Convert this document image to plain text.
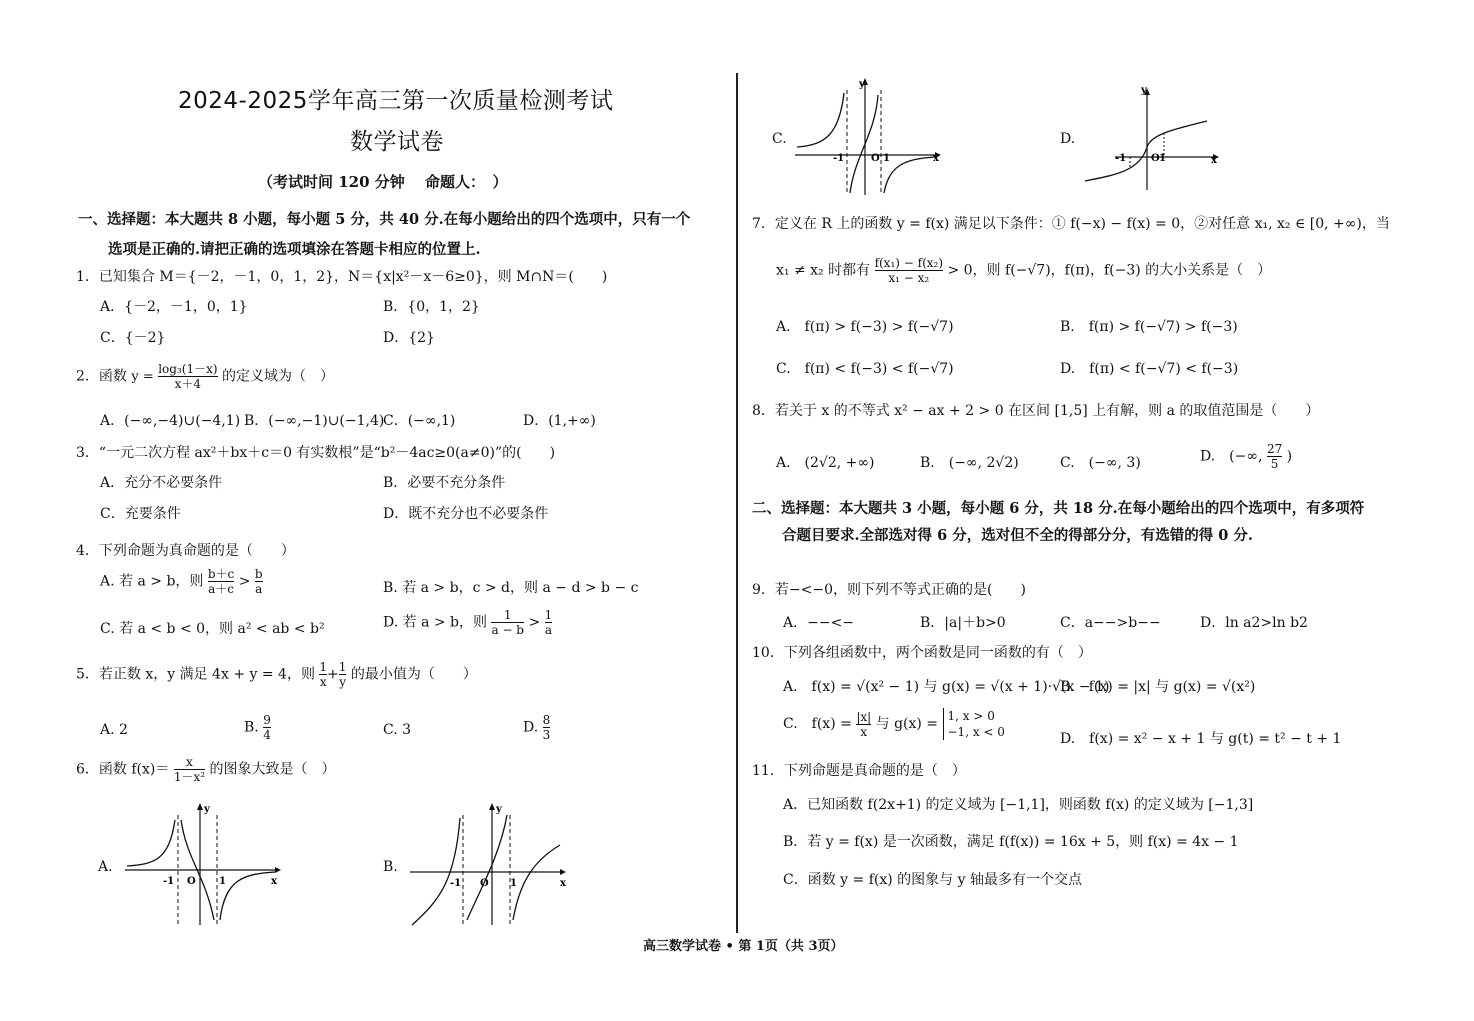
2024-2025学年高三第一次质量检测考试
数学试卷
（考试时间 120 分钟　 命题人：　）
一、选择题：本大题共 8 小题，每小题 5 分，共 40 分.在每小题给出的四个选项中，只有一个
选项是正确的.请把正确的选项填涂在答题卡相应的位置上.
1．已知集合 M＝{－2，－1，0，1，2}，N＝{x|x²－x－6≥0}，则 M∩N＝(　　)
A．{－2，－1，0，1}	B．{0，1，2}
C．{－2}	D．{2}
2．函数 $y = \frac{\text{log₃(1－x)}}{x+4}$ 的定义域为（　）
A．(−∞,−4)∪(−4,1) B．(−∞,−1)∪(−1,4)
C．(−∞,1)	D．(1,+∞)
3．“一元二次方程 ax²＋bx＋c＝0 有实数根”是“b²－4ac≥0(a≠0)”的(　　)
A．充分不必要条件	B．必要不充分条件
C．充要条件	D．既不充分也不必要条件
4．下列命题为真命题的是（　　）
A. 若 a > b，则 $\frac{b+c}{a+c} > \frac{b}{a}$	B. 若 a > b，c > d，则 a − d > b − c
C. 若 a < b < 0，则 a² < ab < b²	D. 若 a > b，则 $\frac{1}{a - b} > \frac{1}{a}$
5．若正数 x，y 满足 4x + y = 4，则 $\frac{1}{x} + \frac{1}{y}$ 的最小值为（　　）
A. 2	B. $\frac{9}{4}$	C. 3	D. $\frac{8}{3}$
6．函数 $f(x)= \frac{x}{\text{1－x²}}$ 的图象大致是（　）
A.
-1 O 1	x
y
B.
-1 O 1	x
y
C.
-1	O 1	x
y
D.
-1 O 1	x
y
7．定义在 R 上的函数 y = f(x) 满足以下条件：① f(−x) − f(x) = 0，②对任意 x₁, x₂ ∈ [0, +∞)，当
x₁ ≠ x₂ 时都有 $\frac{\text{f(x₁) − f(x₂)}}{\text{x₁ − x₂}} > 0$，则 f(−√7)，f(π)，f(−3) 的大小关系是（　）
A.　f(π) > f(−3) > f(−√7)	B.　f(π) > f(−√7) > f(−3)
C.　f(π) < f(−3) < f(−√7)	D.　f(π) < f(−√7) < f(−3)
8．若关于 x 的不等式 x² − ax + 2 > 0 在区间 [1,5] 上有解，则 a 的取值范围是（　　）
A.　(2√2, +∞)	B.　(−∞, 2√2)	C.　(−∞, 3)	D.　(−∞, $\frac{27}{5}$ )
二、选择题：本大题共 3 小题，每小题 6 分，共 18 分.在每小题给出的四个选项中，有多项符
合题目要求.全部选对得 6 分，选对但不全的得部分分，有选错的得 0 分.
9．若−<−0，则下列不等式正确的是(　　)
A．−−<−	B．|a|＋b>0	C．a−−>b−−	D．ln a2>ln b2
10．下列各组函数中，两个函数是同一函数的有（　）
A.　f(x) = √(x² − 1) 与 g(x) = √(x + 1)·√(x − 1)
B.　f(x) = |x| 与 g(x) = √(x²)
C.　$f(x) = \frac{|x|}{x}$ 与 g(x) = 1, x > 0
−1, x < 0	D.　f(x) = x² − x + 1 与 g(t) = t² − t + 1
11．下列命题是真命题的是（　）
A．已知函数 f(2x+1) 的定义域为 [−1,1]，则函数 f(x) 的定义域为 [−1,3]
B．若 y = f(x) 是一次函数，满足 f(f(x)) = 16x + 5，则 f(x) = 4x − 1
C．函数 y = f(x) 的图象与 y 轴最多有一个交点
高三数学试卷 • 第 1页（共 3页）
